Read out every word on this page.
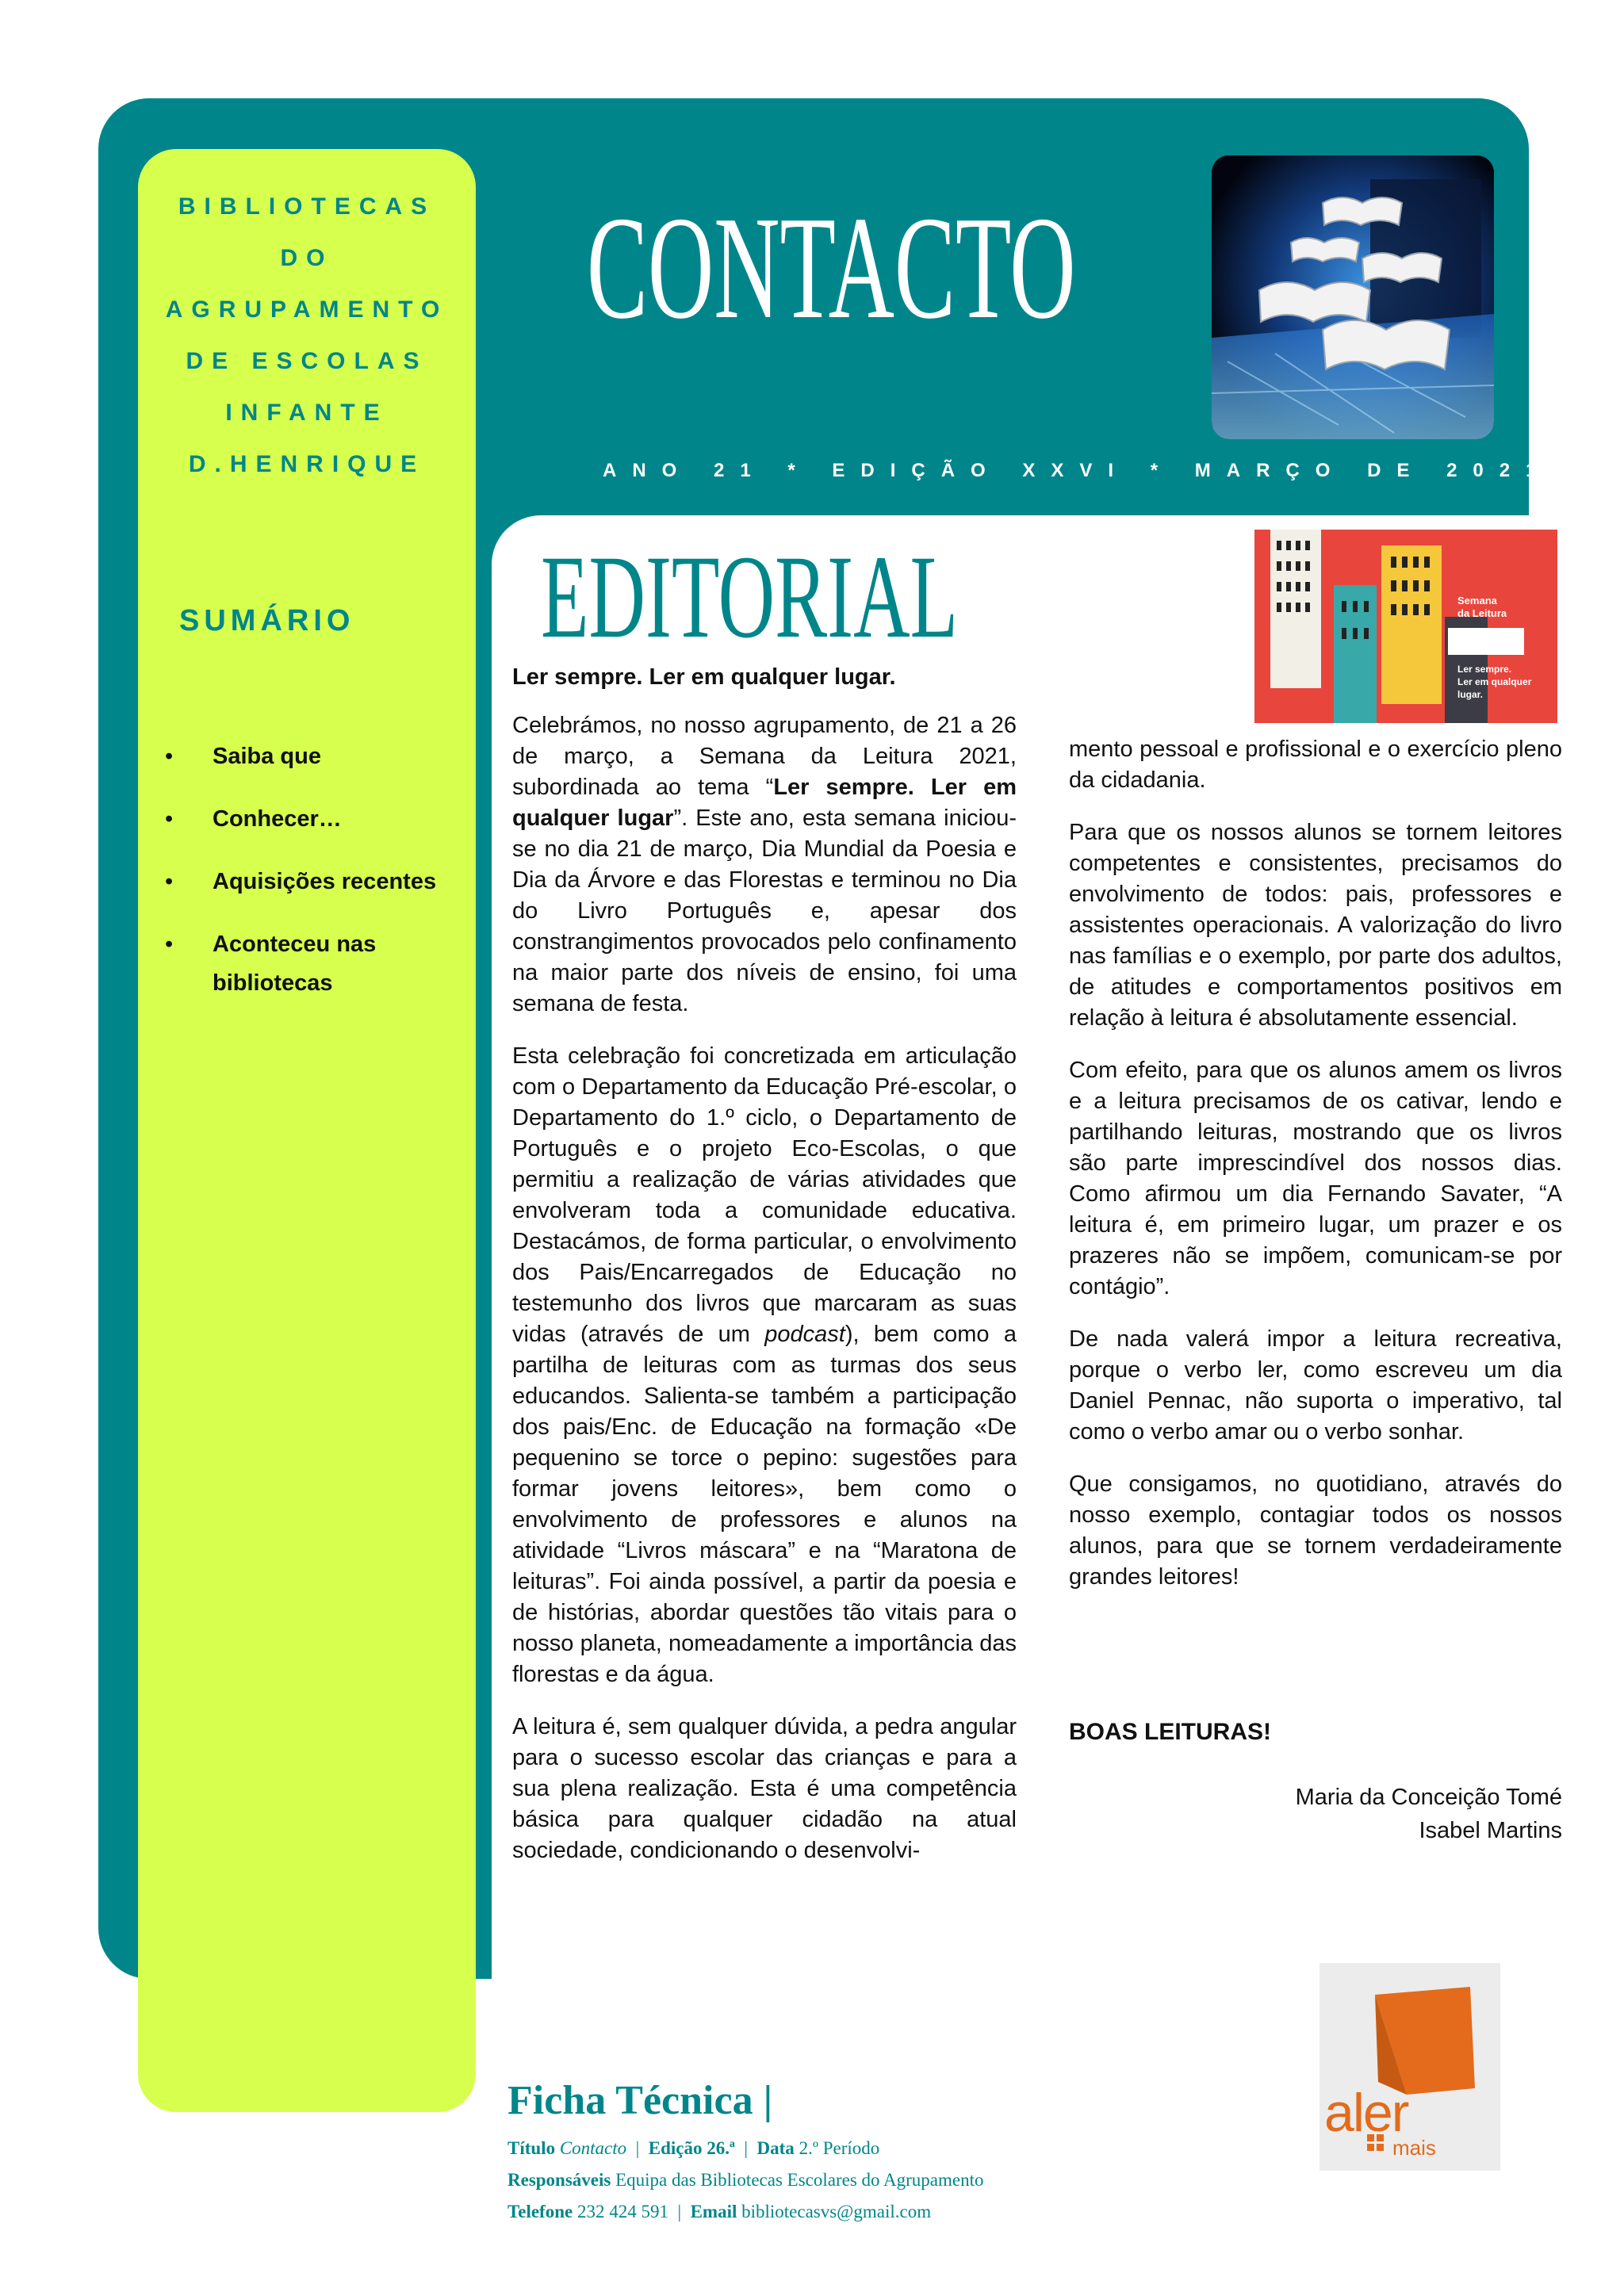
BIBLIOTECAS DO AGRUPAMENTO DE ESCOLAS INFANTE D.HENRIQUE

SUMÁRIO
• Saiba que
• Conhecer…
• Aquisições recentes
• Aconteceu nas bibliotecas
CONTACTO

ANO 21 * EDIÇÃO XXVI * MARÇO DE 2021

Semana
da Leitura
Ler sempre.
Ler em qualquer
lugar.
EDITORIAL

Ler sempre. Ler em qualquer lugar.

Celebrámos, no nosso agrupamento, de 21 a 26 de março, a Semana da Leitura 2021, subordinada ao tema “Ler sempre. Ler em qualquer lugar”. Este ano, esta semana iniciou-se no dia 21 de março, Dia Mundial da Poesia e Dia da Árvore e das Florestas e terminou no Dia do Livro Português e, apesar dos constrangimentos provocados pelo confinamento na maior parte dos níveis de ensino, foi uma semana de festa.

Esta celebração foi concretizada em articulação com o Departamento da Educação Pré-escolar, o Departamento do 1.º ciclo, o Departamento de Português e o projeto Eco-Escolas, o que permitiu a realização de várias atividades que envolveram toda a comunidade educativa. Destacámos, de forma particular, o envolvimento dos Pais/Encarregados de Educação no testemunho dos livros que marcaram as suas vidas (através de um podcast), bem como a partilha de leituras com as turmas dos seus educandos. Salienta-se também a participação dos pais/Enc. de Educação na formação «De pequenino se torce o pepino: sugestões para formar jovens leitores», bem como o envolvimento de professores e alunos na atividade “Livros máscara” e na “Maratona de leituras”. Foi ainda possível, a partir da poesia e de histórias, abordar questões tão vitais para o nosso planeta, nomeadamente a importância das florestas e da água.

A leitura é, sem qualquer dúvida, a pedra angular para o sucesso escolar das crianças e para a sua plena realização. Esta é uma competência básica para qualquer cidadão na atual sociedade, condicionando o desenvolvi-

mento pessoal e profissional e o exercício pleno da cidadania.

Para que os nossos alunos se tornem leitores competentes e consistentes, precisamos do envolvimento de todos: pais, professores e assistentes operacionais. A valorização do livro nas famílias e o exemplo, por parte dos adultos, de atitudes e comportamentos positivos em relação à leitura é absolutamente essencial.

Com efeito, para que os alunos amem os livros e a leitura precisamos de os cativar, lendo e partilhando leituras, mostrando que os livros são parte imprescindível dos nossos dias. Como afirmou um dia Fernando Savater, “A leitura é, em primeiro lugar, um prazer e os prazeres não se impõem, comunicam-se por contágio”.

De nada valerá impor a leitura recreativa, porque o verbo ler, como escreveu um dia Daniel Pennac, não suporta o imperativo, tal como o verbo amar ou o verbo sonhar.

Que consigamos, no quotidiano, através do nosso exemplo, contagiar todos os nossos alunos, para que se tornem verdadeiramente grandes leitores!

BOAS LEITURAS!

Maria da Conceição Tomé
Isabel Martins
Ficha Técnica |
Título Contacto  |  Edição 26.ª  |  Data 2.º Período
Responsáveis Equipa das Bibliotecas Escolares do Agrupamento
Telefone 232 424 591  |  Email bibliotecasvs@gmail.com
aler
mais
